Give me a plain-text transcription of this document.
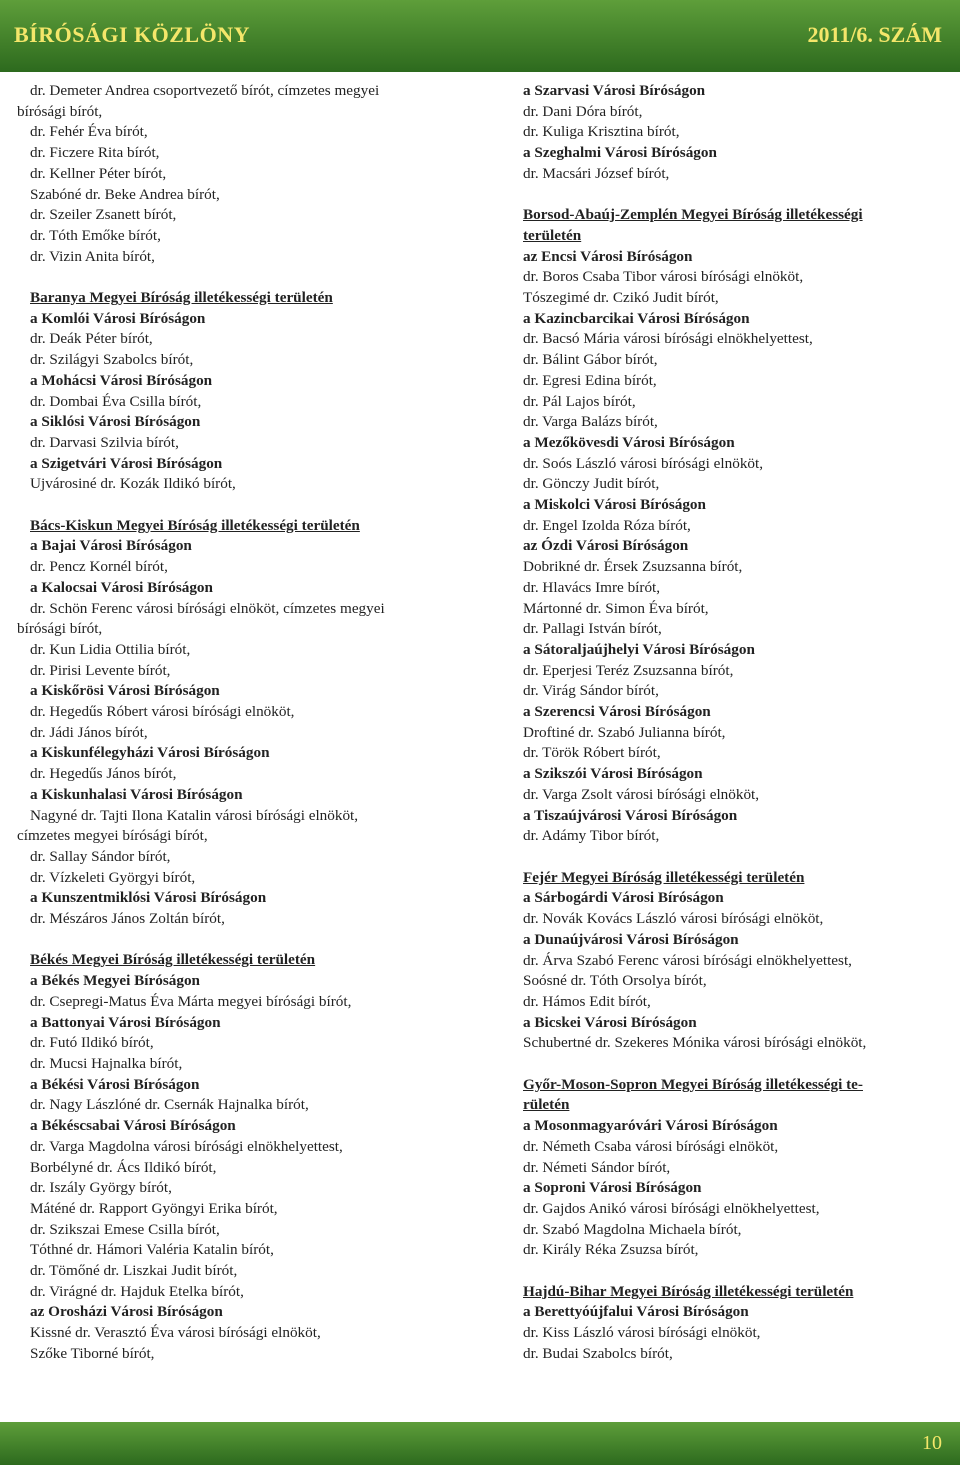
BÍRÓSÁGI KÖZLÖNY	2011/6. SZÁM
dr. Demeter Andrea csoportvezető bírót, címzetes megyei
bírósági bírót,
dr. Fehér Éva bírót,
dr. Ficzere Rita bírót,
dr. Kellner Péter bírót,
Szabóné dr. Beke Andrea bírót,
dr. Szeiler Zsanett bírót,
dr. Tóth Emőke bírót,
dr. Vizin Anita bírót,
Baranya Megyei Bíróság illetékességi területén
a Komlói Városi Bíróságon
dr. Deák Péter bírót,
dr. Szilágyi Szabolcs bírót,
a Mohácsi Városi Bíróságon
dr. Dombai Éva Csilla bírót,
a Siklósi Városi Bíróságon
dr. Darvasi Szilvia bírót,
a Szigetvári Városi Bíróságon
Ujvárosiné dr. Kozák Ildikó bírót,
Bács-Kiskun Megyei Bíróság illetékességi területén
a Bajai Városi Bíróságon
dr. Pencz Kornél bírót,
a Kalocsai Városi Bíróságon
dr. Schön Ferenc városi bírósági elnököt, címzetes megyei
bírósági bírót,
dr. Kun Lidia Ottilia bírót,
dr. Pirisi Levente bírót,
a Kiskőrösi Városi Bíróságon
dr. Hegedűs Róbert városi bírósági elnököt,
dr. Jádi János bírót,
a Kiskunfélegyházi Városi Bíróságon
dr. Hegedűs János bírót,
a Kiskunhalasi Városi Bíróságon
Nagyné dr. Tajti Ilona Katalin városi bírósági elnököt,
címzetes megyei bírósági bírót,
dr. Sallay Sándor bírót,
dr. Vízkeleti Györgyi bírót,
a Kunszentmiklósi Városi Bíróságon
dr. Mészáros János Zoltán bírót,
Békés Megyei Bíróság illetékességi területén
a Békés Megyei Bíróságon
dr. Csepregi-Matus Éva Márta megyei bírósági bírót,
a Battonyai Városi Bíróságon
dr. Futó Ildikó bírót,
dr. Mucsi Hajnalka bírót,
a Békési Városi Bíróságon
dr. Nagy Lászlóné dr. Csernák Hajnalka bírót,
a Békéscsabai Városi Bíróságon
dr. Varga Magdolna városi bírósági elnökhelyettest,
Borbélyné dr. Ács Ildikó bírót,
dr. Iszály György bírót,
Máténé dr. Rapport Gyöngyi Erika bírót,
dr. Szikszai Emese Csilla bírót,
Tóthné dr. Hámori Valéria Katalin bírót,
dr. Tömőné dr. Liszkai Judit bírót,
dr. Virágné dr. Hajduk Etelka bírót,
az Orosházi Városi Bíróságon
Kissné dr. Verasztó Éva városi bírósági elnököt,
Szőke Tiborné bírót,
a Szarvasi Városi Bíróságon
dr. Dani Dóra bírót,
dr. Kuliga Krisztina bírót,
a Szeghalmi Városi Bíróságon
dr. Macsári József bírót,
Borsod-Abaúj-Zemplén Megyei Bíróság illetékességi
területén
az Encsi Városi Bíróságon
dr. Boros Csaba Tibor városi bírósági elnököt,
Tószegimé dr. Czikó Judit bírót,
a Kazincbarcikai Városi Bíróságon
dr. Bacsó Mária városi bírósági elnökhelyettest,
dr. Bálint Gábor bírót,
dr. Egresi Edina bírót,
dr. Pál Lajos bírót,
dr. Varga Balázs bírót,
a Mezőkövesdi Városi Bíróságon
dr. Soós László városi bírósági elnököt,
dr. Gönczy Judit bírót,
a Miskolci Városi Bíróságon
dr. Engel Izolda Róza bírót,
az Ózdi Városi Bíróságon
Dobrikné dr. Érsek Zsuzsanna bírót,
dr. Hlavács Imre bírót,
Mártonné dr. Simon Éva bírót,
dr. Pallagi István bírót,
a Sátoraljaújhelyi Városi Bíróságon
dr. Eperjesi Teréz Zsuzsanna bírót,
dr. Virág Sándor bírót,
a Szerencsi Városi Bíróságon
Droftiné dr. Szabó Julianna bírót,
dr. Török Róbert bírót,
a Szikszói Városi Bíróságon
dr. Varga Zsolt városi bírósági elnököt,
a Tiszaújvárosi Városi Bíróságon
dr. Adámy Tibor bírót,
Fejér Megyei Bíróság illetékességi területén
a Sárbogárdi Városi Bíróságon
dr. Novák Kovács László városi bírósági elnököt,
a Dunaújvárosi Városi Bíróságon
dr. Árva Szabó Ferenc városi bírósági elnökhelyettest,
Soósné dr. Tóth Orsolya bírót,
dr. Hámos Edit bírót,
a Bicskei Városi Bíróságon
Schubertné dr. Szekeres Mónika városi bírósági elnököt,
Győr-Moson-Sopron Megyei Bíróság illetékességi te-
rületén
a Mosonmagyaróvári Városi Bíróságon
dr. Németh Csaba városi bírósági elnököt,
dr. Németi Sándor bírót,
a Soproni Városi Bíróságon
dr. Gajdos Anikó városi bírósági elnökhelyettest,
dr. Szabó Magdolna Michaela bírót,
dr. Király Réka Zsuzsa bírót,
Hajdú-Bihar Megyei Bíróság illetékességi területén
a Berettyóújfalui Városi Bíróságon
dr. Kiss László városi bírósági elnököt,
dr. Budai Szabolcs bírót,
10
